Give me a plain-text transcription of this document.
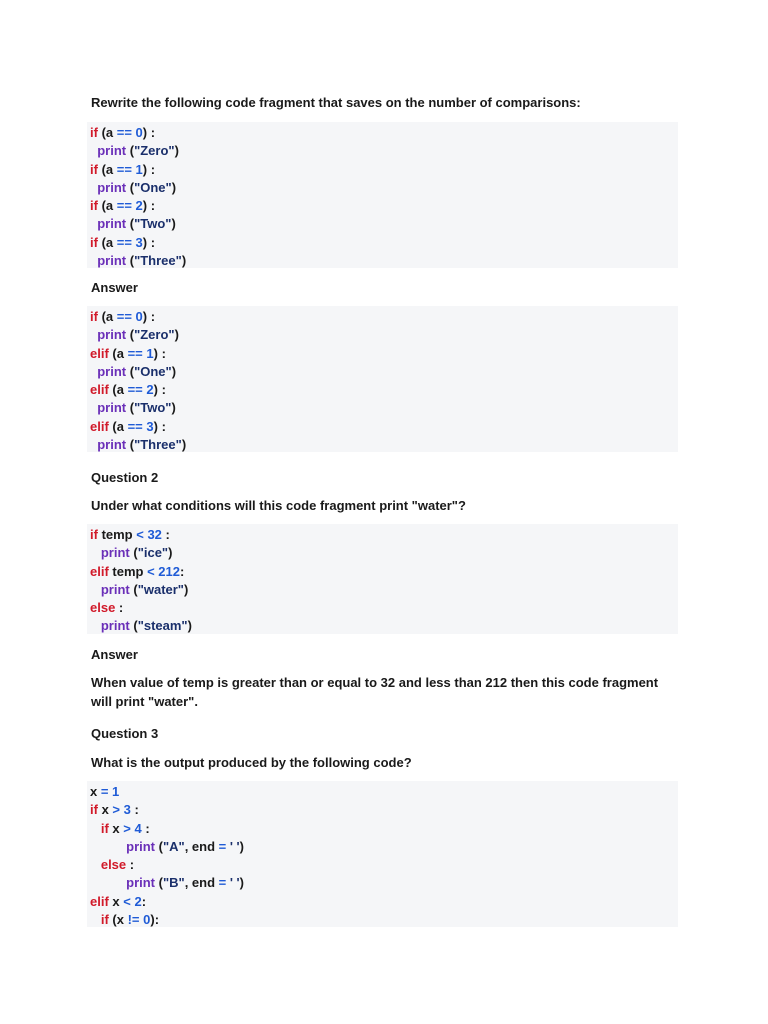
Rewrite the following code fragment that saves on the number of comparisons:

if (a == 0) :
print ("Zero")
if (a == 1) :
print ("One")
if (a == 2) :
print ("Two")
if (a == 3) :
print ("Three")

Answer

if (a == 0) :
print ("Zero")
elif (a == 1) :
print ("One")
elif (a == 2) :
print ("Two")
elif (a == 3) :
print ("Three")

Question 2

Under what conditions will this code fragment print "water"?

if temp < 32 :
print ("ice")
elif temp < 212:
print ("water")
else :
print ("steam")

Answer

When value of temp is greater than or equal to 32 and less than 212 then this code fragment will print "water".

Question 3

What is the output produced by the following code?

x = 1
if x > 3 :
if x > 4 :
print ("A", end = ' ')
else :
print ("B", end = ' ')
elif x < 2:
if (x != 0):
